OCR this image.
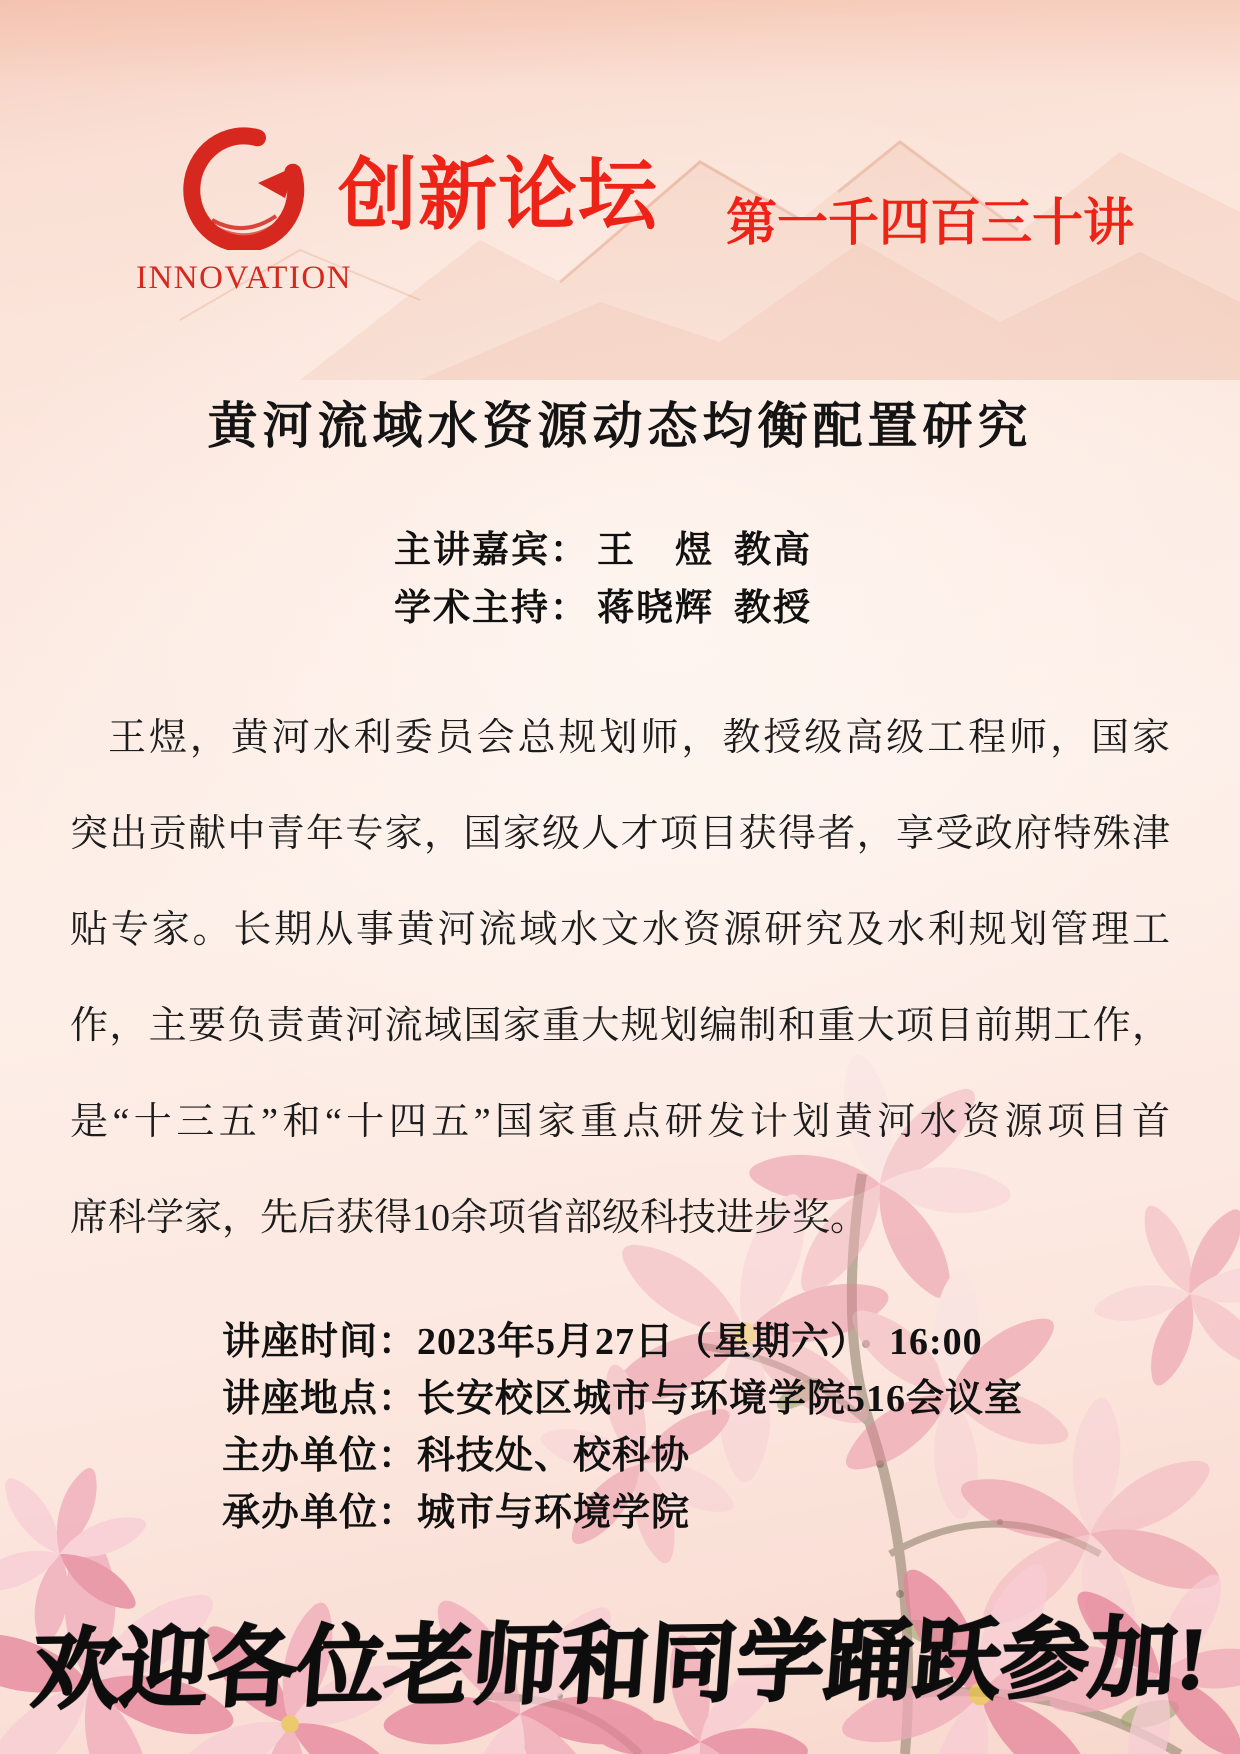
INNOVATION
创新论坛 第一千四百三十讲
黄河流域水资源动态均衡配置研究
主讲嘉宾： 王　煜 教高
学术主持： 蒋晓辉 教授
王煜，黄河水利委员会总规划师，教授级高级工程师，国家
突出贡献中青年专家，国家级人才项目获得者，享受政府特殊津
贴专家。长期从事黄河流域水文水资源研究及水利规划管理工
作，主要负责黄河流域国家重大规划编制和重大项目前期工作，
是“十三五”和“十四五”国家重点研发计划黄河水资源项目首
席科学家，先后获得10余项省部级科技进步奖。
讲座时间：2023年5月27日（星期六）　16:00
讲座地点：长安校区城市与环境学院516会议室
主办单位：科技处、校科协
承办单位：城市与环境学院
欢迎各位老师和同学踊跃参加!
